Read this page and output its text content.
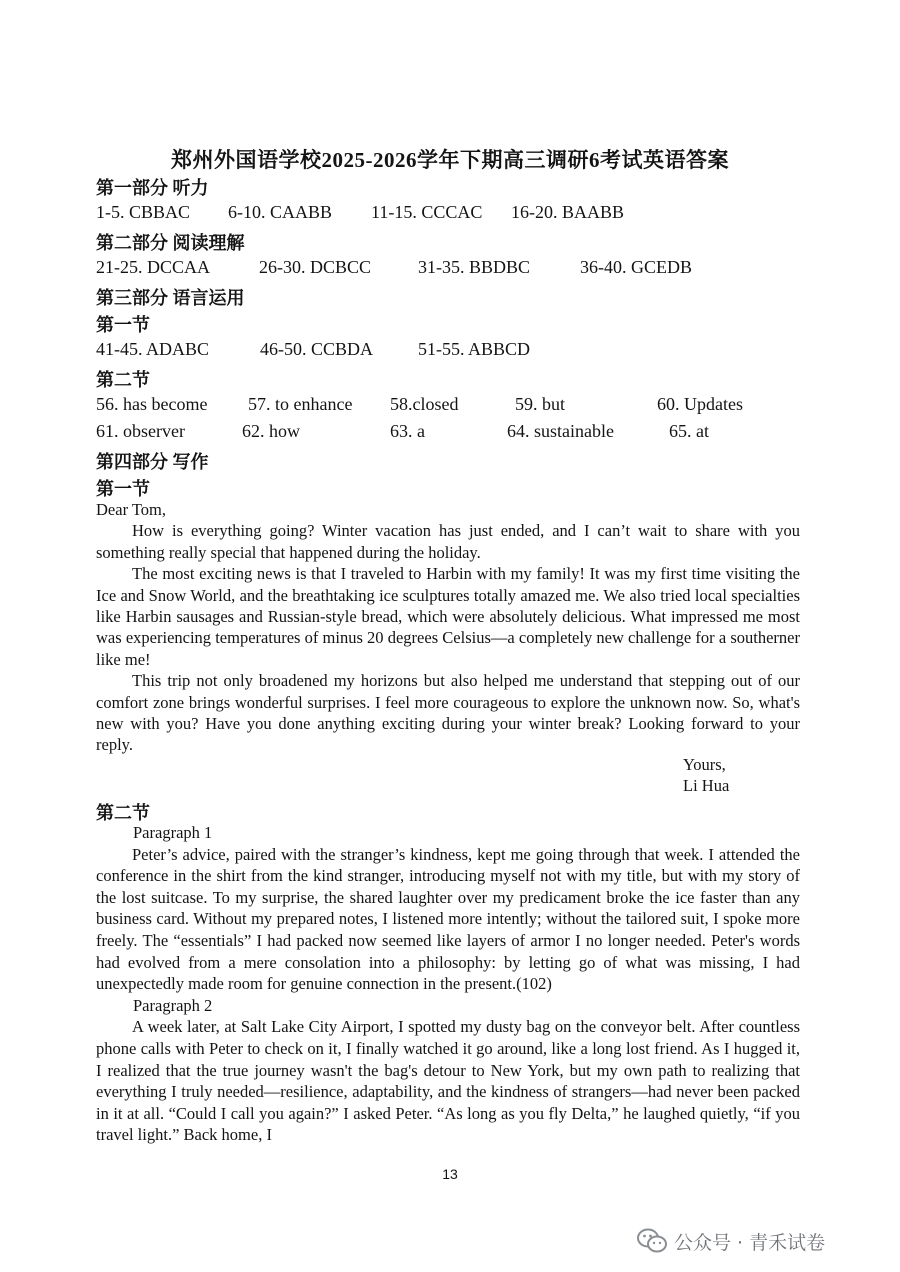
郑州外国语学校2025-2026学年下期高三调研6考试英语答案
第一部分 听力
1-5. CBBAC 6-10. CAABB 11-15. CCCAC 16-20. BAABB
第二部分 阅读理解
21-25. DCCAA	26-30. DCBCC	31-35. BBDBC	36-40. GCEDB
第三部分 语言运用
第一节
41-45. ADABC	46-50. CCBDA 51-55. ABBCD
第二节
56. has become 57. to enhance 58.closed	59. but	60. Updates
61. observer	62. how	63. a	64. sustainable	65. at
第四部分 写作
第一节

Dear Tom,

How is everything going? Winter vacation has just ended, and I can’t wait to share with you something really special that happened during the holiday.

The most exciting news is that I traveled to Harbin with my family! It was my first time visiting the Ice and Snow World, and the breathtaking ice sculptures totally amazed me. We also tried local specialties like Harbin sausages and Russian-style bread, which were absolutely delicious. What impressed me most was experiencing temperatures of minus 20 degrees Celsius—a completely new challenge for a southerner like me!

This trip not only broadened my horizons but also helped me understand that stepping out of our comfort zone brings wonderful surprises. I feel more courageous to explore the unknown now. So, what's new with you? Have you done anything exciting during your winter break? Looking forward to your reply.

Yours,
Li Hua
第二节

Paragraph 1

Peter’s advice, paired with the stranger’s kindness, kept me going through that week. I attended the conference in the shirt from the kind stranger, introducing myself not with my title, but with my story of the lost suitcase. To my surprise, the shared laughter over my predicament broke the ice faster than any business card. Without my prepared notes, I listened more intently; without the tailored suit, I spoke more freely. The “essentials” I had packed now seemed like layers of armor I no longer needed. Peter's words had evolved from a mere consolation into a philosophy: by letting go of what was missing, I had unexpectedly made room for genuine connection in the present.(102)

Paragraph 2

A week later, at Salt Lake City Airport, I spotted my dusty bag on the conveyor belt. After countless phone calls with Peter to check on it, I finally watched it go around, like a long lost friend. As I hugged it, I realized that the true journey wasn't the bag's detour to New York, but my own path to realizing that everything I truly needed—resilience, adaptability, and the kindness of strangers—had never been packed in it at all. “Could I call you again?” I asked Peter. “As long as you fly Delta,” he laughed quietly, “if you travel light.” Back home, I

13
公众号 · 青禾试卷
